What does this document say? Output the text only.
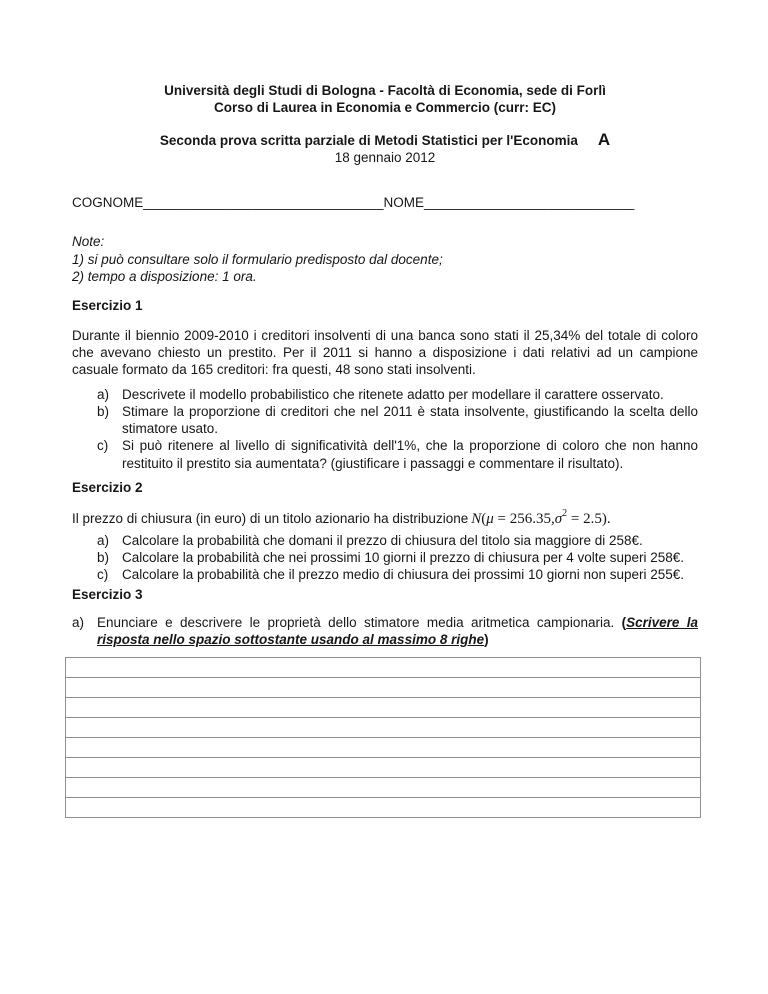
Università degli Studi di Bologna - Facoltà di Economia, sede di Forlì
Corso di Laurea in Economia e Commercio (curr: EC)
Seconda prova scritta parziale di Metodi Statistici per l'Economia A
18 gennaio 2012
COGNOME________________________________NOME____________________________
Note:
1) si può consultare solo il formulario predisposto dal docente;
2) tempo a disposizione: 1 ora.
Esercizio 1

Durante il biennio 2009-2010 i creditori insolventi di una banca sono stati il 25,34% del totale di coloro che avevano chiesto un prestito. Per il 2011 si hanno a disposizione i dati relativi ad un campione casuale formato da 165 creditori: fra questi, 48 sono stati insolventi.

a) Descrivete il modello probabilistico che ritenete adatto per modellare il carattere osservato.
b) Stimare la proporzione di creditori che nel 2011 è stata insolvente, giustificando la scelta dello stimatore usato.
c)	Si può ritenere al livello di significatività dell'1%, che la proporzione di coloro che non hanno restituito il prestito sia aumentata? (giustificare i passaggi e commentare il risultato).
Esercizio 2
Il prezzo di chiusura (in euro) di un titolo azionario ha distribuzione $N(\mu = 256.35,\sigma^2 = 2.5)$.
a) Calcolare la probabilità che domani il prezzo di chiusura del titolo sia maggiore di 258€.
b) Calcolare la probabilità che nei prossimi 10 giorni il prezzo di chiusura per 4 volte superi 258€.
c)	Calcolare la probabilità che il prezzo medio di chiusura dei prossimi 10 giorni non superi 255€.
Esercizio 3
a) Enunciare e descrivere le proprietà dello stimatore media aritmetica campionaria. (Scrivere la risposta nello spazio sottostante usando al massimo 8 righe)
